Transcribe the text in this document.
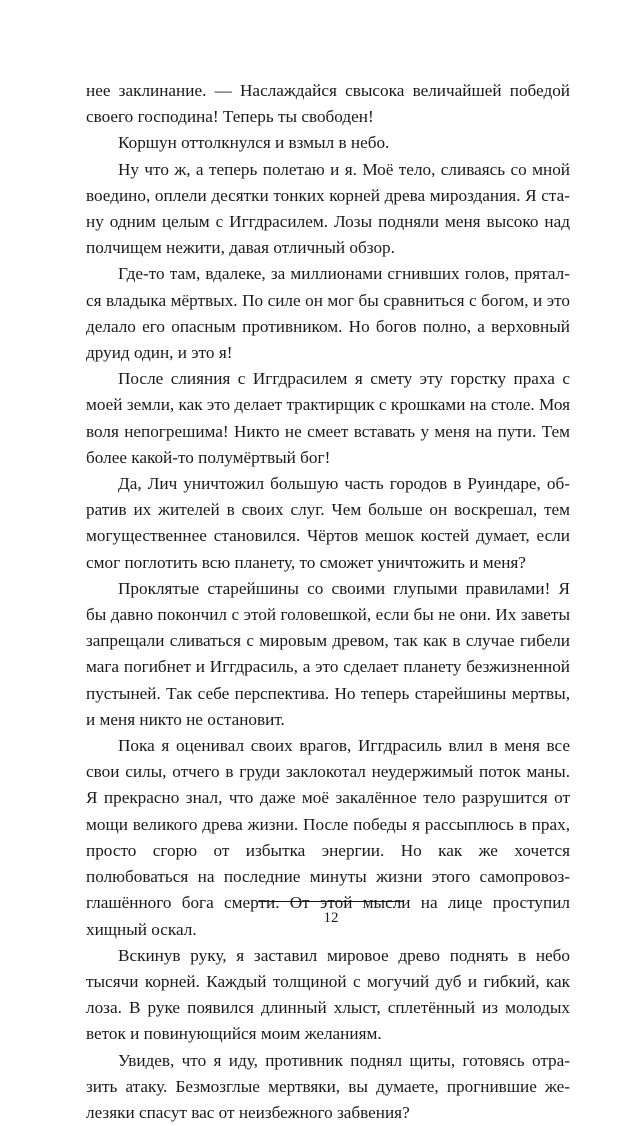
нее заклинание. — Наслаждайся свысока величайшей победой своего господина! Теперь ты свободен!

Коршун оттолкнулся и взмыл в небо.

Ну что ж, а теперь полетаю и я. Моё тело, сливаясь со мной воедино, оплели десятки тонких корней древа мироздания. Я стану одним целым с Иггдрасилем. Лозы подняли меня высоко над полчищем нежити, давая отличный обзор.

Где-то там, вдалеке, за миллионами сгнивших голов, прятался владыка мёртвых. По силе он мог бы сравниться с богом, и это делало его опасным противником. Но богов полно, а верховный друид один, и это я!

После слияния с Иггдрасилем я смету эту горстку праха с моей земли, как это делает трактирщик с крошками на столе. Моя воля непогрешима! Никто не смеет вставать у меня на пути. Тем более какой-то полумёртвый бог!

Да, Лич уничтожил большую часть городов в Руиндаре, обратив их жителей в своих слуг. Чем больше он воскрешал, тем могущественнее становился. Чёртов мешок костей думает, если смог поглотить всю планету, то сможет уничтожить и меня?

Проклятые старейшины со своими глупыми правилами! Я бы давно покончил с этой головешкой, если бы не они. Их заветы запрещали сливаться с мировым древом, так как в случае гибели мага погибнет и Иггдрасиль, а это сделает планету безжизненной пустыней. Так себе перспектива. Но теперь старейшины мертвы, и меня никто не остановит.

Пока я оценивал своих врагов, Иггдрасиль влил в меня все свои силы, отчего в груди заклокотал неудержимый поток маны. Я прекрасно знал, что даже моё закалённое тело разрушится от мощи великого древа жизни. После победы я рассыплюсь в прах, просто сгорю от избытка энергии. Но как же хочется полюбоваться на последние минуты жизни этого самопровозглашённого бога смерти. От этой мысли на лице проступил хищный оскал.

Вскинув руку, я заставил мировое древо поднять в небо тысячи корней. Каждый толщиной с могучий дуб и гибкий, как лоза. В руке появился длинный хлыст, сплетённый из молодых веток и повинующийся моим желаниям.

Увидев, что я иду, противник поднял щиты, готовясь отразить атаку. Безмозглые мертвяки, вы думаете, прогнившие железяки спасут вас от неизбежного забвения?

12
